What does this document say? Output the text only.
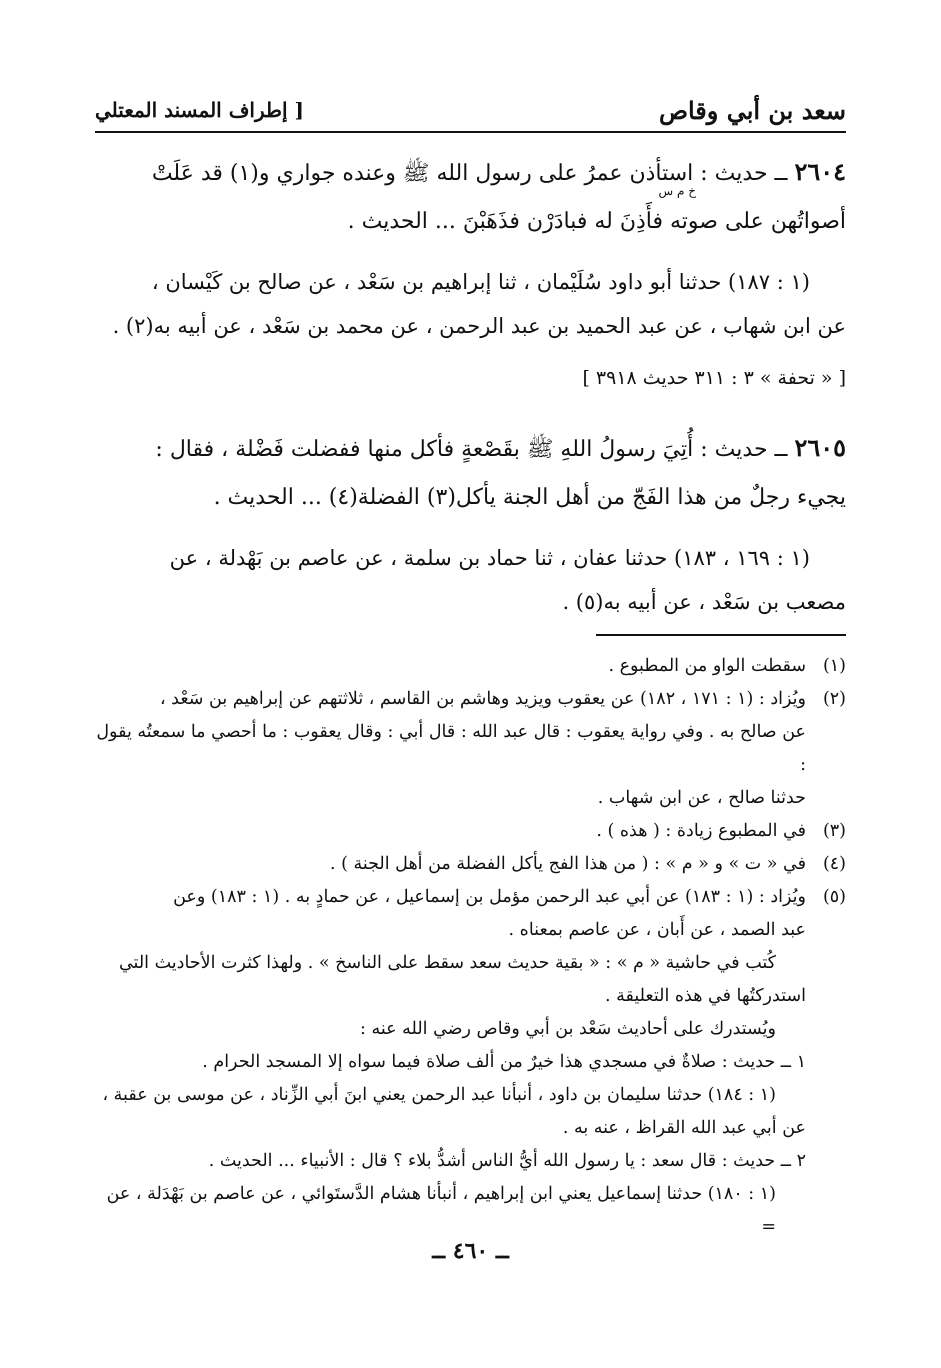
سعد بن أبي وقاص
[ إطراف المسند المعتلي

٢٦٠٤ ــ حديث : استأذن عمرُ على رسول الله ﷺ وعنده جواري و(١) قد عَلَتْ

خ م س

أصواتُهن على صوته فأَذِنَ له فبادَرْن فذَهَبْنَ ... الحديث .

(١ : ١٨٧) حدثنا أبو داود سُلَيْمان ، ثنا إبراهيم بن سَعْد ، عن صالح بن كَيْسان ،

عن ابن شهاب ، عن عبد الحميد بن عبد الرحمن ، عن محمد بن سَعْد ، عن أبيه به(٢) .

[ « تحفة » ٣ : ٣١١ حديث ٣٩١٨ ]

٢٦٠٥ ــ حديث : أُتِيَ رسولُ اللهِ ﷺ بقَصْعةٍ فأكل منها ففضلت فَضْلة ، فقال :

يجيء رجلٌ من هذا الفَجّ من أهل الجنة يأكل(٣) الفضلة(٤) ... الحديث .

(١ : ١٦٩ ، ١٨٣) حدثنا عفان ، ثنا حماد بن سلمة ، عن عاصم بن بَهْدلة ، عن

مصعب بن سَعْد ، عن أبيه به(٥) .

(١)
سقطت الواو من المطبوع .
(٢)
ويُزاد : (١ : ١٧١ ، ١٨٢) عن يعقوب ويزيد وهاشم بن القاسم ، ثلاثتهم عن إبراهيم بن سَعْد ،

عن صالح به . وفي رواية يعقوب : قال عبد الله : قال أبي : وقال يعقوب : ما أحصي ما سمعتُه يقول :

حدثنا صالح ، عن ابن شهاب .

(٣)
في المطبوع زيادة : ( هذه ) .
(٤)
في « ت » و « م » : ( من هذا الفج يأكل الفضلة من أهل الجنة ) .
(٥)
ويُزاد : (١ : ١٨٣) عن أبي عبد الرحمن مؤمل بن إسماعيل ، عن حمادٍ به . (١ : ١٨٣) وعن

عبد الصمد ، عن أَبان ، عن عاصم بمعناه .

كُتب في حاشية « م » : « بقية حديث سعد سقط على الناسخ » . ولهذا كثرت الأحاديث التي

استدركتُها في هذه التعليقة .

ويُستدرك على أحاديث سَعْد بن أبي وقاص رضي الله عنه :

١ ــ حديث : صلاةٌ في مسجدي هذا خيرٌ من ألف صلاة فيما سواه إلا المسجد الحرام .

(١ : ١٨٤) حدثنا سليمان بن داود ، أنبأنا عبد الرحمن يعني ابنَ أبي الزِّناد ، عن موسى بن عقبة ،

عن أبي عبد الله القراظ ، عنه به .

٢ ــ حديث : قال سعد : يا رسول الله أيُّ الناس أشدُّ بلاء ؟ قال : الأنبياء ... الحديث .

(١ : ١٨٠) حدثنا إسماعيل يعني ابن إبراهيم ، أنبأنا هشام الدَّستَوائي ، عن عاصم بن بَهْدَلة ، عن =

ــ ٤٦٠ ــ
